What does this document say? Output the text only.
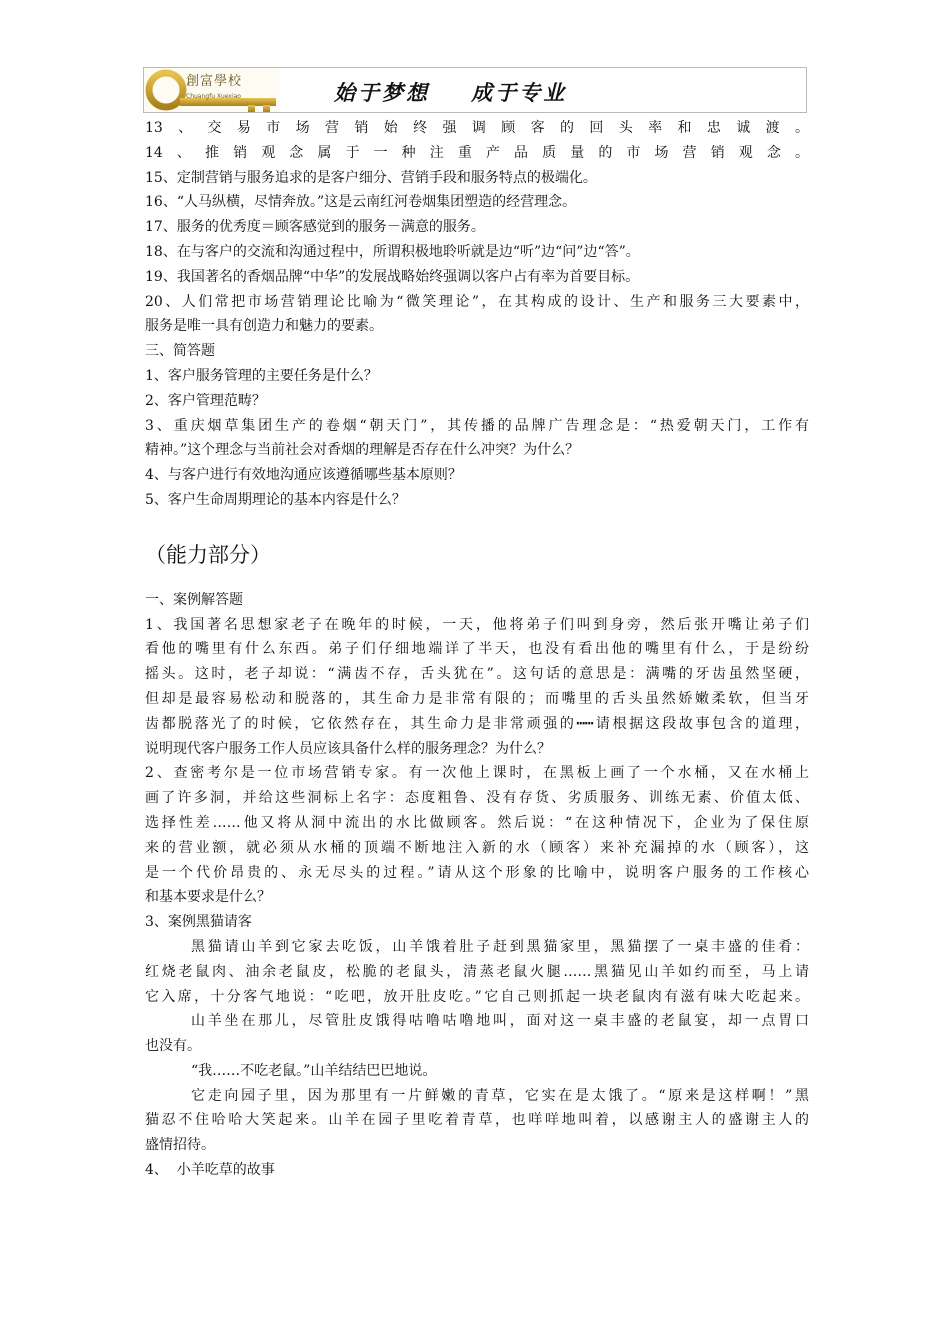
創富學校
Chuangfu Xuexiao	始于梦想    成于专业
13、交易市场营销始终强调顾客的回头率和忠诚渡。
14、推销观念属于一种注重产品质量的市场营销观念。
15、定制营销与服务追求的是客户细分、营销手段和服务特点的极端化。
16、“人马纵横，尽情奔放。”这是云南红河卷烟集团塑造的经营理念。
17、服务的优秀度＝顾客感觉到的服务－满意的服务。
18、在与客户的交流和沟通过程中，所谓积极地聆听就是边“听”边“问”边“答”。
19、我国著名的香烟品牌“中华”的发展战略始终强调以客户占有率为首要目标。
20、人们常把市场营销理论比喻为“微笑理论”，在其构成的设计、生产和服务三大要素中，
服务是唯一具有创造力和魅力的要素。
三、简答题
1、客户服务管理的主要任务是什么？
2、客户管理范畴？
3、重庆烟草集团生产的卷烟“朝天门”，其传播的品牌广告理念是：“热爱朝天门，工作有
精神。”这个理念与当前社会对香烟的理解是否存在什么冲突？为什么？
4、与客户进行有效地沟通应该遵循哪些基本原则？
5、客户生命周期理论的基本内容是什么？
（能力部分）
一、案例解答题
1、我国著名思想家老子在晚年的时候，一天，他将弟子们叫到身旁，然后张开嘴让弟子们
看他的嘴里有什么东西。弟子们仔细地端详了半天，也没有看出他的嘴里有什么，于是纷纷
摇头。这时，老子却说：“满齿不存，舌头犹在”。这句话的意思是：满嘴的牙齿虽然坚硬，
但却是最容易松动和脱落的，其生命力是非常有限的；而嘴里的舌头虽然娇嫩柔软，但当牙
齿都脱落光了的时候，它依然存在，其生命力是非常顽强的┅┅请根据这段故事包含的道理，
说明现代客户服务工作人员应该具备什么样的服务理念？为什么？
2、查密考尔是一位市场营销专家。有一次他上课时，在黑板上画了一个水桶，又在水桶上
画了许多洞，并给这些洞标上名字：态度粗鲁、没有存货、劣质服务、训练无素、价值太低、
选择性差……他又将从洞中流出的水比做顾客。然后说：“在这种情况下，企业为了保住原
来的营业额，就必须从水桶的顶端不断地注入新的水（顾客）来补充漏掉的水（顾客），这
是一个代价昂贵的、永无尽头的过程。”请从这个形象的比喻中，说明客户服务的工作核心
和基本要求是什么？
3、案例黑猫请客
黑猫请山羊到它家去吃饭，山羊饿着肚子赶到黑猫家里，黑猫摆了一桌丰盛的佳肴：
红烧老鼠肉、油余老鼠皮，松脆的老鼠头，清蒸老鼠火腿……黑猫见山羊如约而至，马上请
它入席，十分客气地说：“吃吧，放开肚皮吃。”它自己则抓起一块老鼠肉有滋有味大吃起来。
山羊坐在那儿，尽管肚皮饿得咕噜咕噜地叫，面对这一桌丰盛的老鼠宴，却一点胃口
也没有。
“我……不吃老鼠。”山羊结结巴巴地说。
它走向园子里，因为那里有一片鲜嫩的青草，它实在是太饿了。“原来是这样啊！”黑
猫忍不住哈哈大笑起来。山羊在园子里吃着青草，也咩咩地叫着，以感谢主人的盛谢主人的
盛情招待。
4、  小羊吃草的故事
